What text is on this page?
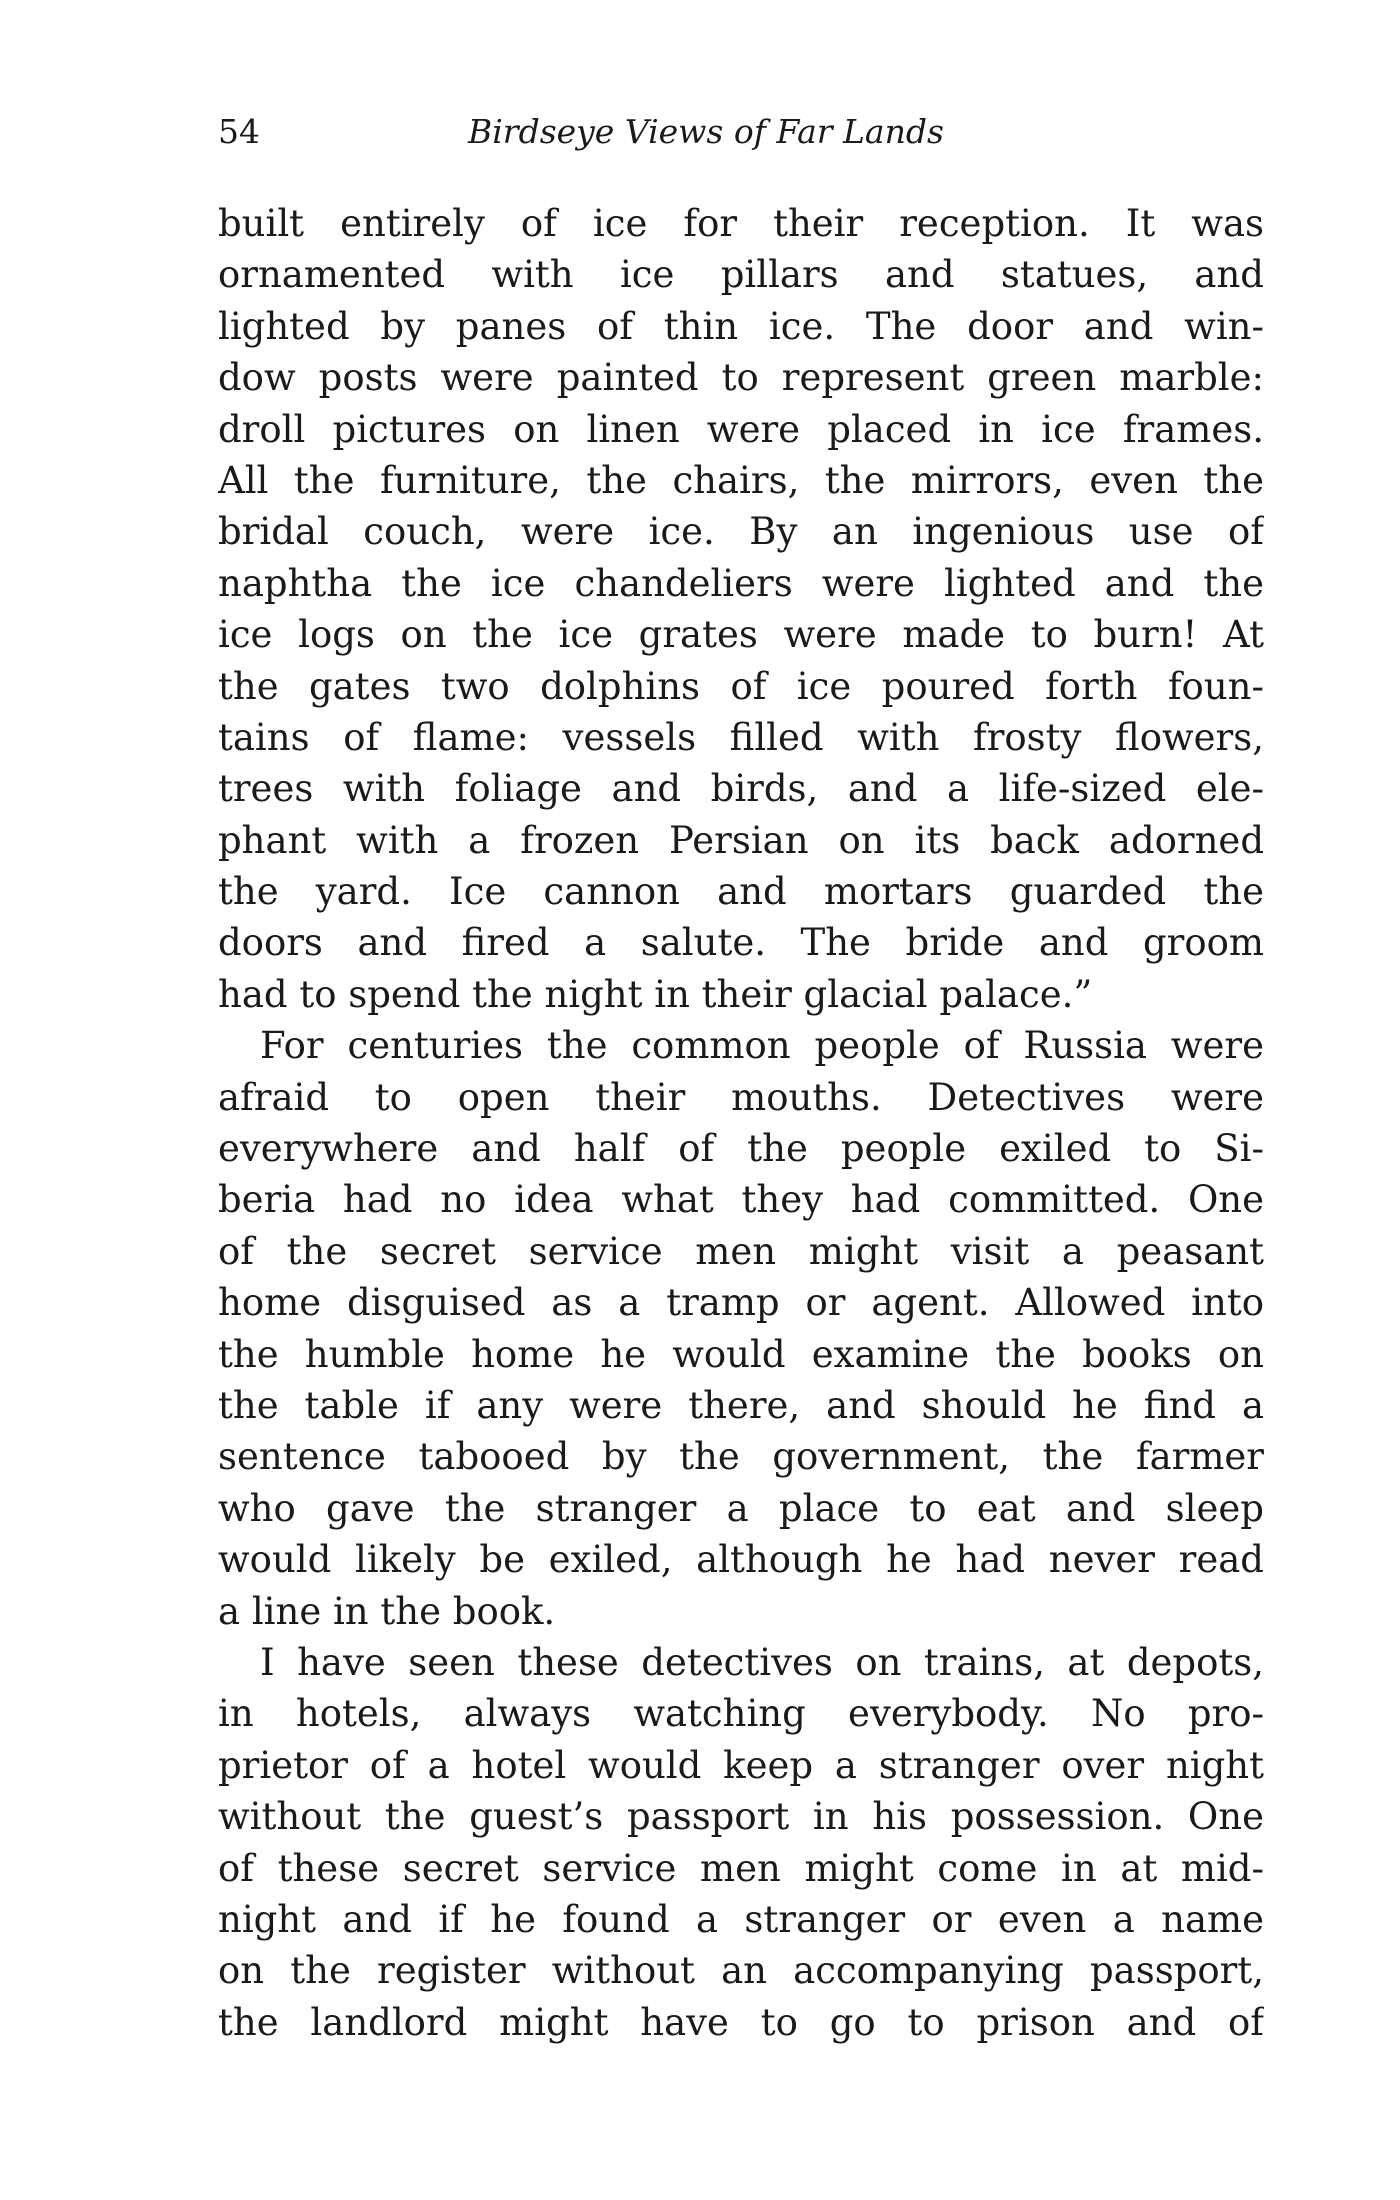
54	Birdseye Views of Far Lands
built entirely of ice for their reception. It was
ornamented with ice pillars and statues, and
lighted by panes of thin ice. The door and win-
dow posts were painted to represent green marble:
droll pictures on linen were placed in ice frames.
All the furniture, the chairs, the mirrors, even the
bridal couch, were ice. By an ingenious use of
naphtha the ice chandeliers were lighted and the
ice logs on the ice grates were made to burn! At
the gates two dolphins of ice poured forth foun-
tains of flame: vessels filled with frosty flowers,
trees with foliage and birds, and a life-sized ele-
phant with a frozen Persian on its back adorned
the yard. Ice cannon and mortars guarded the
doors and fired a salute. The bride and groom
had to spend the night in their glacial palace.”
For centuries the common people of Russia were
afraid to open their mouths. Detectives were
everywhere and half of the people exiled to Si-
beria had no idea what they had committed. One
of the secret service men might visit a peasant
home disguised as a tramp or agent. Allowed into
the humble home he would examine the books on
the table if any were there, and should he find a
sentence tabooed by the government, the farmer
who gave the stranger a place to eat and sleep
would likely be exiled, although he had never read
a line in the book.
I have seen these detectives on trains, at depots,
in hotels, always watching everybody. No pro-
prietor of a hotel would keep a stranger over night
without the guest’s passport in his possession. One
of these secret service men might come in at mid-
night and if he found a stranger or even a name
on the register without an accompanying passport,
the landlord might have to go to prison and of
